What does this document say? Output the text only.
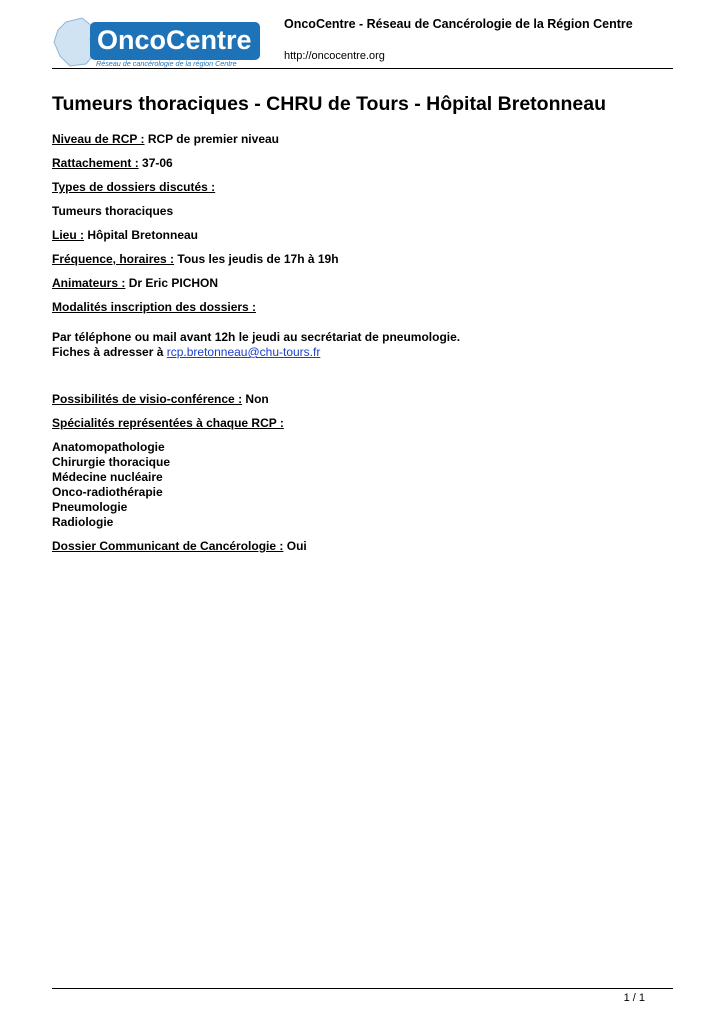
OncoCentre
Réseau de cancérologie de la région Centre
OncoCentre - Réseau de Cancérologie de la Région Centre
http://oncocentre.org
Tumeurs thoraciques - CHRU de Tours - Hôpital Bretonneau
Niveau de RCP : RCP de premier niveau
Rattachement : 37-06
Types de dossiers discutés :
Tumeurs thoraciques
Lieu : Hôpital Bretonneau
Fréquence, horaires : Tous les jeudis de 17h à 19h
Animateurs : Dr Eric PICHON
Modalités inscription des dossiers :
Par téléphone ou mail avant 12h le jeudi au secrétariat de pneumologie.
Fiches à adresser à rcp.bretonneau@chu-tours.fr
Possibilités de visio-conférence : Non
Spécialités représentées à chaque RCP :
Anatomopathologie
Chirurgie thoracique
Médecine nucléaire
Onco-radiothérapie
Pneumologie
Radiologie
Dossier Communicant de Cancérologie : Oui
1 / 1
